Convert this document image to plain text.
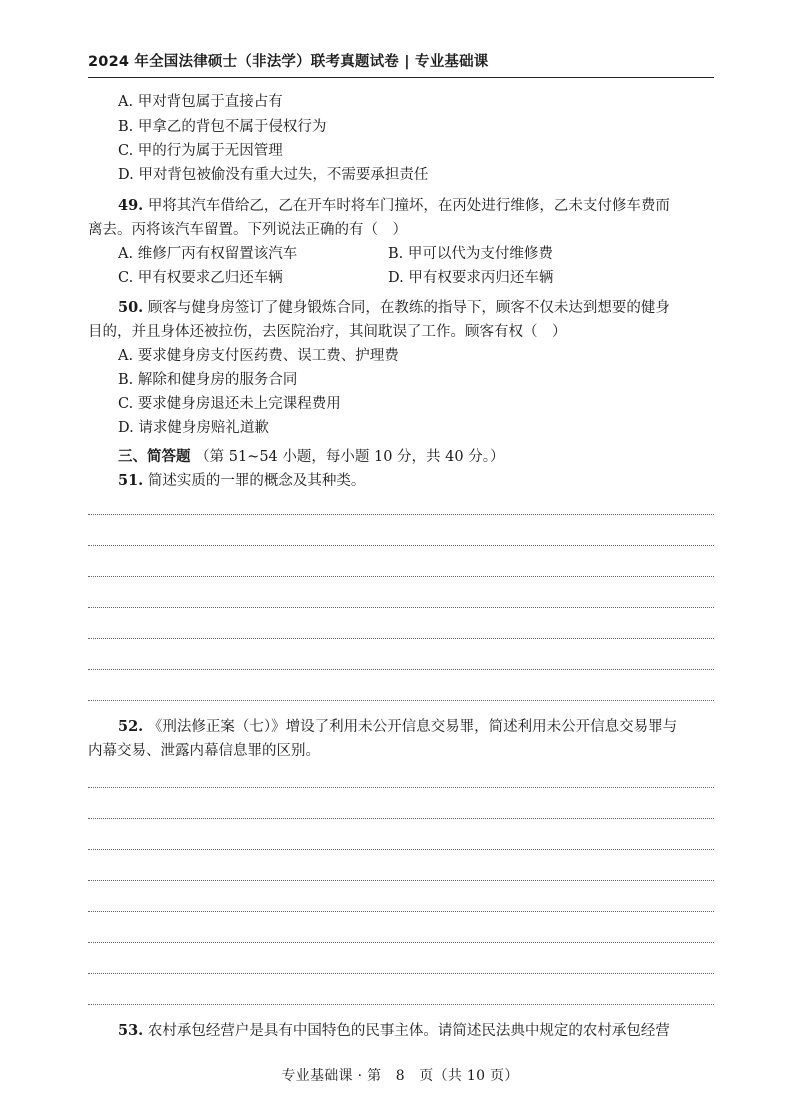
2024 年全国法律硕士（非法学）联考真题试卷 | 专业基础课
A. 甲对背包属于直接占有
B. 甲拿乙的背包不属于侵权行为
C. 甲的行为属于无因管理
D. 甲对背包被偷没有重大过失，不需要承担责任
49. 甲将其汽车借给乙，乙在开车时将车门撞坏，在丙处进行维修，乙未支付修车费而
离去。丙将该汽车留置。下列说法正确的有（　）
A. 维修厂丙有权留置该汽车	B. 甲可以代为支付维修费
C. 甲有权要求乙归还车辆	D. 甲有权要求丙归还车辆
50. 顾客与健身房签订了健身锻炼合同，在教练的指导下，顾客不仅未达到想要的健身
目的，并且身体还被拉伤，去医院治疗，其间耽误了工作。顾客有权（　）
A. 要求健身房支付医药费、误工费、护理费
B. 解除和健身房的服务合同
C. 要求健身房退还未上完课程费用
D. 请求健身房赔礼道歉
三、简答题 （第 51~54 小题，每小题 10 分，共 40 分。）
51. 简述实质的一罪的概念及其种类。
52. 《刑法修正案（七）》增设了利用未公开信息交易罪，简述利用未公开信息交易罪与
内幕交易、泄露内幕信息罪的区别。
53. 农村承包经营户是具有中国特色的民事主体。请简述民法典中规定的农村承包经营
专业基础课 · 第　8　页（共 10 页）
